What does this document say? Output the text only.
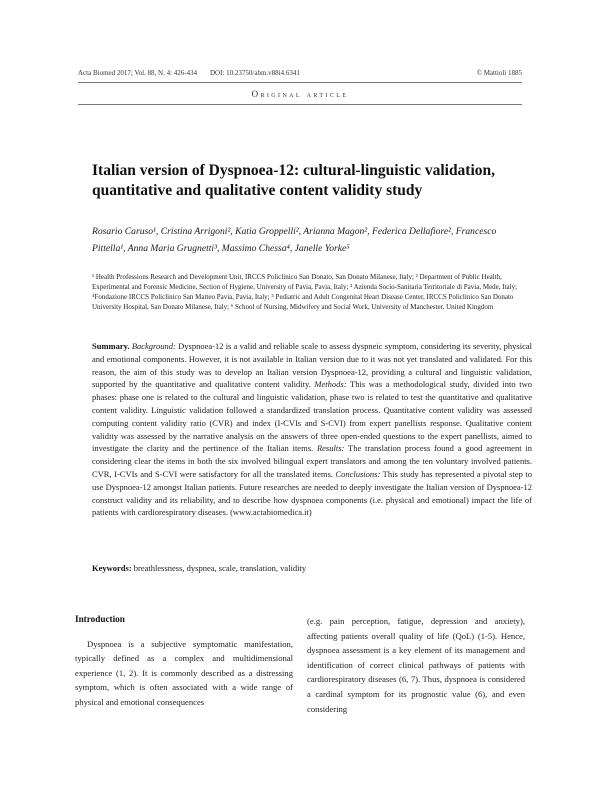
Acta Biomed 2017; Vol. 88, N. 4: 426-434 DOI: 10.23750/abm.v88i4.6341	© Mattioli 1885
Original article
Italian version of Dyspnoea-12: cultural-linguistic validation, quantitative and qualitative content validity study

Rosario Caruso¹, Cristina Arrigoni², Katia Groppelli², Arianna Magon², Federica Dellafiore², Francesco Pittella¹, Anna Maria Grugnetti³, Massimo Chessa⁴, Janelle Yorke⁵

¹ Health Professions Research and Development Unit, IRCCS Policlinico San Donato, San Donato Milanese, Italy; ² Department of Public Health, Experimental and Forensic Medicine, Section of Hygiene, University of Pavia, Pavia, Italy; ³ Azienda Socio-Sanitaria Territoriale di Pavia, Mede, Italy; ⁴Fondazione IRCCS Policlinico San Matteo Pavia, Pavia, Italy; ⁵ Pediatric and Adult Congenital Heart Disease Center, IRCCS Policlinico San Donato University Hospital, San Donato Milanese, Italy; ⁶ School of Nursing, Midwifery and Social Work, University of Manchester, United Kingdom

Summary. Background: Dyspnoea-12 is a valid and reliable scale to assess dyspneic symptom, considering its severity, physical and emotional components. However, it is not available in Italian version due to it was not yet translated and validated. For this reason, the aim of this study was to develop an Italian version Dyspnoea-12, providing a cultural and linguistic validation, supported by the quantitative and qualitative content validity. Methods: This was a methodological study, divided into two phases: phase one is related to the cultural and linguistic validation, phase two is related to test the quantitative and qualitative content validity. Linguistic validation followed a standardized translation process. Quantitative content validity was assessed computing content validity ratio (CVR) and index (I-CVIs and S-CVI) from expert panellists response. Qualitative content validity was assessed by the narrative analysis on the answers of three open-ended questions to the expert panellists, aimed to investigate the clarity and the pertinence of the Italian items. Results: The translation process found a good agreement in considering clear the items in both the six involved bilingual expert translators and among the ten voluntary involved patients. CVR, I-CVIs and S-CVI were satisfactory for all the translated items. Conclusions: This study has represented a pivotal step to use Dyspnoea-12 amongst Italian patients. Future researches are needed to deeply investigate the Italian version of Dyspnoea-12 construct validity and its reliability, and to describe how dyspnoea components (i.e. physical and emotional) impact the life of patients with cardiorespiratory diseases. (www.actabiomedica.it)

Keywords: breathlessness, dyspnea, scale, translation, validity

Introduction

Dyspnoea is a subjective symptomatic manifestation, typically defined as a complex and multidimensional experience (1, 2). It is commonly described as a distressing symptom, which is often associated with a wide range of physical and emotional consequences

(e.g. pain perception, fatigue, depression and anxiety), affecting patients overall quality of life (QoL) (1-5). Hence, dyspnoea assessment is a key element of its management and identification of correct clinical pathways of patients with cardiorespiratory diseases (6, 7). Thus, dyspnoea is considered a cardinal symptom for its prognostic value (6), and even considering
